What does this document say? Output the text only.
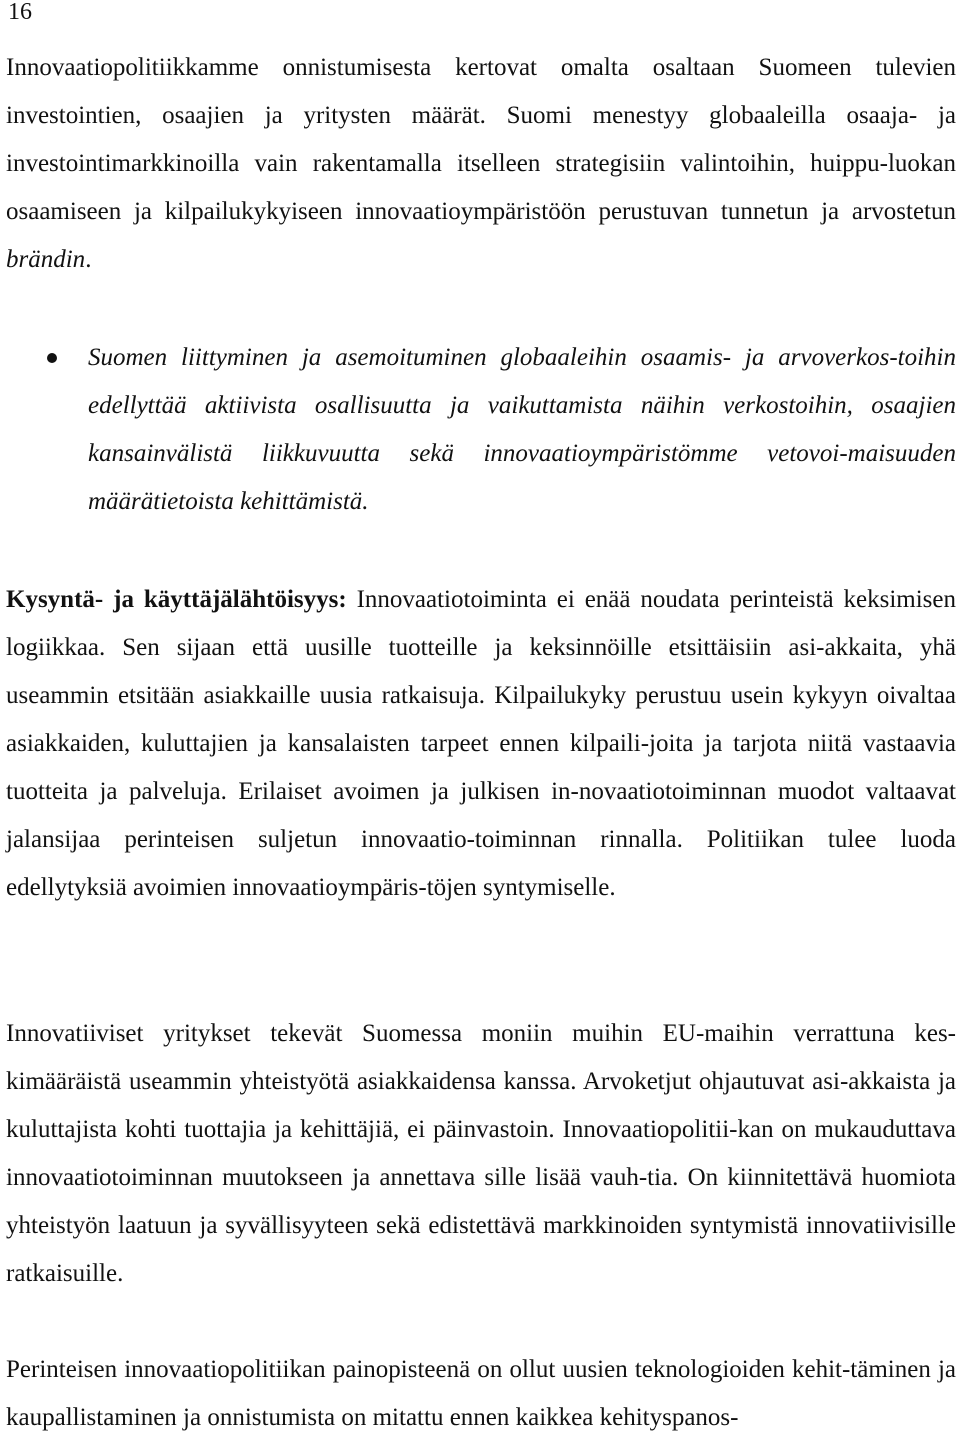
16

Innovaatiopolitiikkamme onnistumisesta kertovat omalta osaltaan Suomeen tulevien investointien, osaajien ja yritysten määrät. Suomi menestyy globaaleilla osaaja- ja investointimarkkinoilla vain rakentamalla itselleen strategisiin valintoihin, huippu-luokan osaamiseen ja kilpailukykyiseen innovaatioympäristöön perustuvan tunnetun ja arvostetun brändin.

Suomen liittyminen ja asemoituminen globaaleihin osaamis- ja arvoverkos-toihin edellyttää aktiivista osallisuutta ja vaikuttamista näihin verkostoihin, osaajien kansainvälistä liikkuvuutta sekä innovaatioympäristömme vetovoi-maisuuden määrätietoista kehittämistä.

Kysyntä- ja käyttäjälähtöisyys: Innovaatiotoiminta ei enää noudata perinteistä keksimisen logiikkaa. Sen sijaan että uusille tuotteille ja keksinnöille etsittäisiin asi-akkaita, yhä useammin etsitään asiakkaille uusia ratkaisuja. Kilpailukyky perustuu usein kykyyn oivaltaa asiakkaiden, kuluttajien ja kansalaisten tarpeet ennen kilpaili-joita ja tarjota niitä vastaavia tuotteita ja palveluja. Erilaiset avoimen ja julkisen in-novaatiotoiminnan muodot valtaavat jalansijaa perinteisen suljetun innovaatio-toiminnan rinnalla. Politiikan tulee luoda edellytyksiä avoimien innovaatioympäris-töjen syntymiselle.

Innovatiiviset yritykset tekevät Suomessa moniin muihin EU-maihin verrattuna kes-kimääräistä useammin yhteistyötä asiakkaidensa kanssa. Arvoketjut ohjautuvat asi-akkaista ja kuluttajista kohti tuottajia ja kehittäjiä, ei päinvastoin. Innovaatiopolitii-kan on mukauduttava innovaatiotoiminnan muutokseen ja annettava sille lisää vauh-tia. On kiinnitettävä huomiota yhteistyön laatuun ja syvällisyyteen sekä edistettävä markkinoiden syntymistä innovatiivisille ratkaisuille.

Perinteisen innovaatiopolitiikan painopisteenä on ollut uusien teknologioiden kehit-täminen ja kaupallistaminen ja onnistumista on mitattu ennen kaikkea kehityspanos-
